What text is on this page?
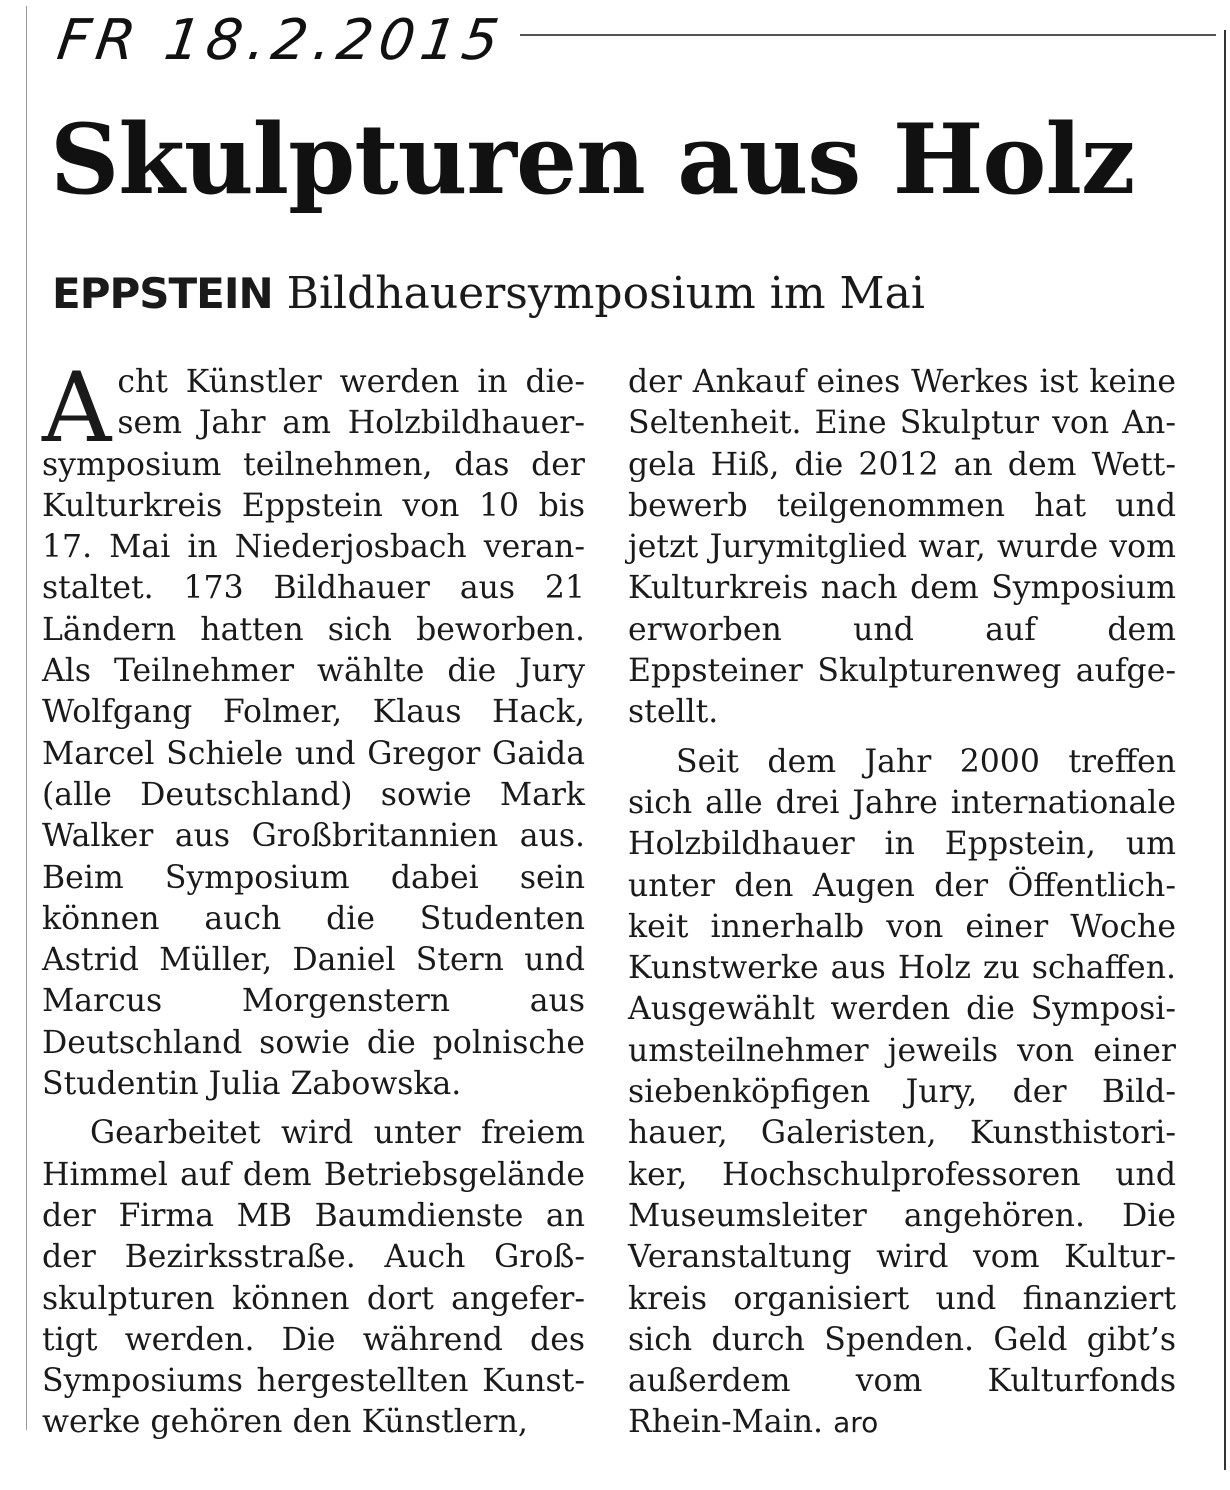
FR 18.2.2015
Skulpturen aus Holz
EPPSTEIN Bildhauersymposium im Mai

Acht Künstler werden in diesem Jahr am Holzbildhauersymposium teilnehmen, das der Kulturkreis Eppstein von 10 bis 17. Mai in Niederjosbach veranstaltet. 173 Bildhauer aus 21 Ländern hatten sich beworben. Als Teilnehmer wählte die Jury Wolfgang Folmer, Klaus Hack, Marcel Schiele und Gregor Gaida (alle Deutschland) sowie Mark Walker aus Großbritannien aus. Beim Symposium dabei sein können auch die Studenten Astrid Müller, Daniel Stern und Marcus Morgenstern aus Deutschland sowie die polnische Studentin Julia Zabowska.

Gearbeitet wird unter freiem Himmel auf dem Betriebsgelände der Firma MB Baumdienste an der Bezirksstraße. Auch Großskulpturen können dort angefertigt werden. Die während des Symposiums hergestellten Kunstwerke gehören den Künstlern,

der Ankauf eines Werkes ist keine Seltenheit. Eine Skulptur von Angela Hiß, die 2012 an dem Wettbewerb teilgenommen hat und jetzt Jurymitglied war, wurde vom Kulturkreis nach dem Symposium erworben und auf dem Eppsteiner Skulpturenweg aufgestellt.

Seit dem Jahr 2000 treffen sich alle drei Jahre internationale Holzbildhauer in Eppstein, um unter den Augen der Öffentlichkeit innerhalb von einer Woche Kunstwerke aus Holz zu schaffen. Ausgewählt werden die Symposiumsteilnehmer jeweils von einer siebenköpfigen Jury, der Bildhauer, Galeristen, Kunsthistoriker, Hochschulprofessoren und Museumsleiter angehören. Die Veranstaltung wird vom Kulturkreis organisiert und finanziert sich durch Spenden. Geld gibt’s außerdem vom Kulturfonds Rhein-Main. aro
